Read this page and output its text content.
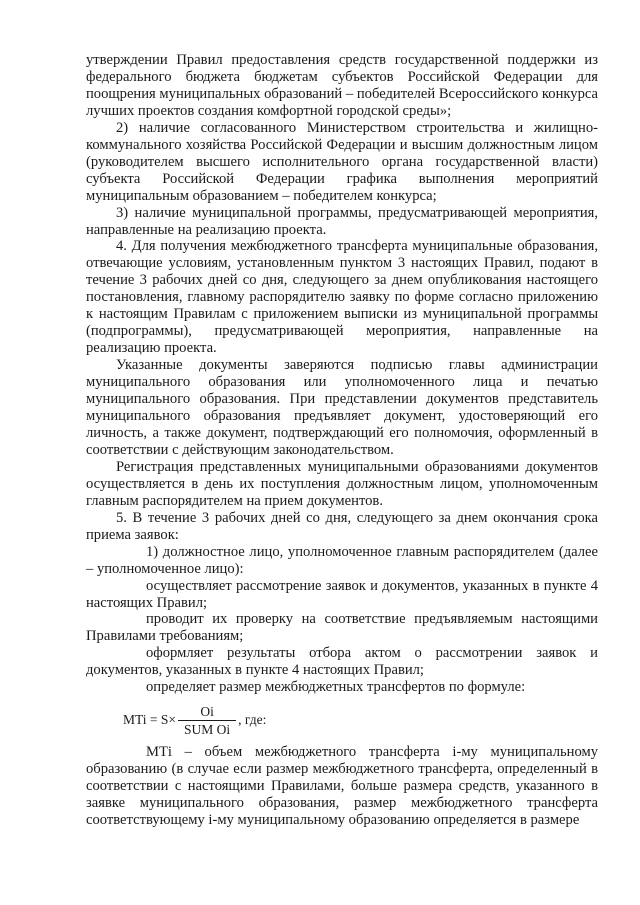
утверждении Правил предоставления средств государственной поддержки из федерального бюджета бюджетам субъектов Российской Федерации для поощрения муниципальных образований – победителей Всероссийского конкурса лучших проектов создания комфортной городской среды»;

2) наличие согласованного Министерством строительства и жилищно-коммунального хозяйства Российской Федерации и высшим должностным лицом (руководителем высшего исполнительного органа государственной власти) субъекта Российской Федерации графика выполнения мероприятий муниципальным образованием – победителем конкурса;

3) наличие муниципальной программы, предусматривающей мероприятия, направленные на реализацию проекта.

4. Для получения межбюджетного трансферта муниципальные образования, отвечающие условиям, установленным пунктом 3 настоящих Правил, подают в течение 3 рабочих дней со дня, следующего за днем опубликования настоящего постановления, главному распорядителю заявку по форме согласно приложению к настоящим Правилам с приложением выписки из муниципальной программы (подпрограммы), предусматривающей мероприятия, направленные на реализацию проекта.

Указанные документы заверяются подписью главы администрации муниципального образования или уполномоченного лица и печатью муниципального образования. При представлении документов представитель муниципального образования предъявляет документ, удостоверяющий его личность, а также документ, подтверждающий его полномочия, оформленный в соответствии с действующим законодательством.

Регистрация представленных муниципальными образованиями документов осуществляется в день их поступления должностным лицом, уполномоченным главным распорядителем на прием документов.

5. В течение 3 рабочих дней со дня, следующего за днем окончания срока приема заявок:

1) должностное лицо, уполномоченное главным распорядителем (далее – уполномоченное лицо):

осуществляет рассмотрение заявок и документов, указанных в пункте 4 настоящих Правил;

проводит их проверку на соответствие предъявляемым настоящими Правилами требованиям;

оформляет результаты отбора актом о рассмотрении заявок и документов, указанных в пункте 4 настоящих Правил;

определяет размер межбюджетных трансфертов по формуле:

MTi = $S\times \frac{Oi}{\text{SUM Oi}}$ , где:

МТi – объем межбюджетного трансферта i-му муниципальному образованию (в случае если размер межбюджетного трансферта, определенный в соответствии с настоящими Правилами, больше размера средств, указанного в заявке муниципального образования, размер межбюджетного трансферта соответствующему i-му муниципальному образованию определяется в размере
